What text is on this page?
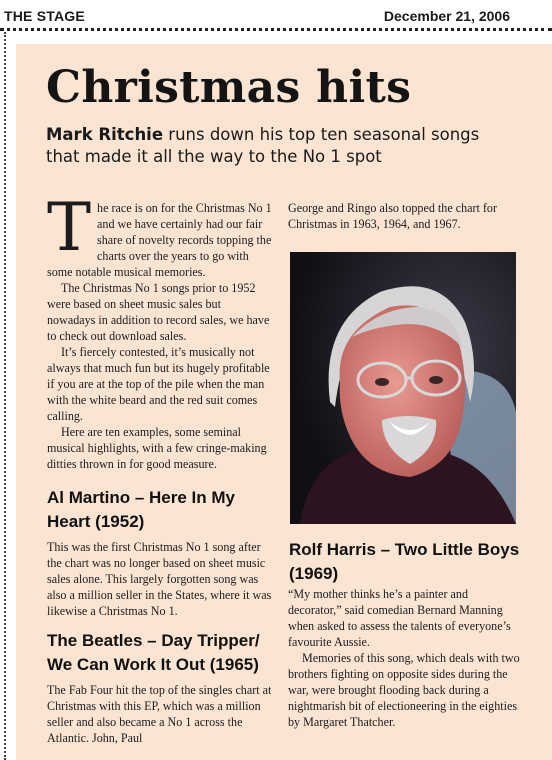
THE STAGE	December 21, 2006
Christmas hits

Mark Ritchie runs down his top ten seasonal songs that made it all the way to the No 1 spot

The race is on for the Christmas No 1 and we have certainly had our fair share of novelty records topping the charts over the years to go with some notable musical memories.

The Christmas No 1 songs prior to 1952 were based on sheet music sales but nowadays in addition to record sales, we have to check out download sales.

It’s fiercely contested, it’s musically not always that much fun but its hugely profitable if you are at the top of the pile when the man with the white beard and the red suit comes calling.

Here are ten examples, some seminal musical highlights, with a few cringe-making ditties thrown in for good measure.

Al Martino – Here In My
Heart (1952)

This was the first Christmas No 1 song after the chart was no longer based on sheet music sales alone. This largely forgotten song was also a million seller in the States, where it was likewise a Christmas No 1.

The Beatles – Day Tripper/
We Can Work It Out (1965)

The Fab Four hit the top of the singles chart at Christmas with this EP, which was a million seller and also became a No 1 across the Atlantic. John, Paul

George and Ringo also topped the chart for Christmas in 1963, 1964, and 1967.

Rolf Harris – Two Little Boys
(1969)

“My mother thinks he’s a painter and decorator,” said comedian Bernard Manning when asked to assess the talents of everyone’s favourite Aussie.

Memories of this song, which deals with two brothers fighting on opposite sides during the war, were brought flooding back during a nightmarish bit of electioneering in the eighties by Margaret Thatcher.
